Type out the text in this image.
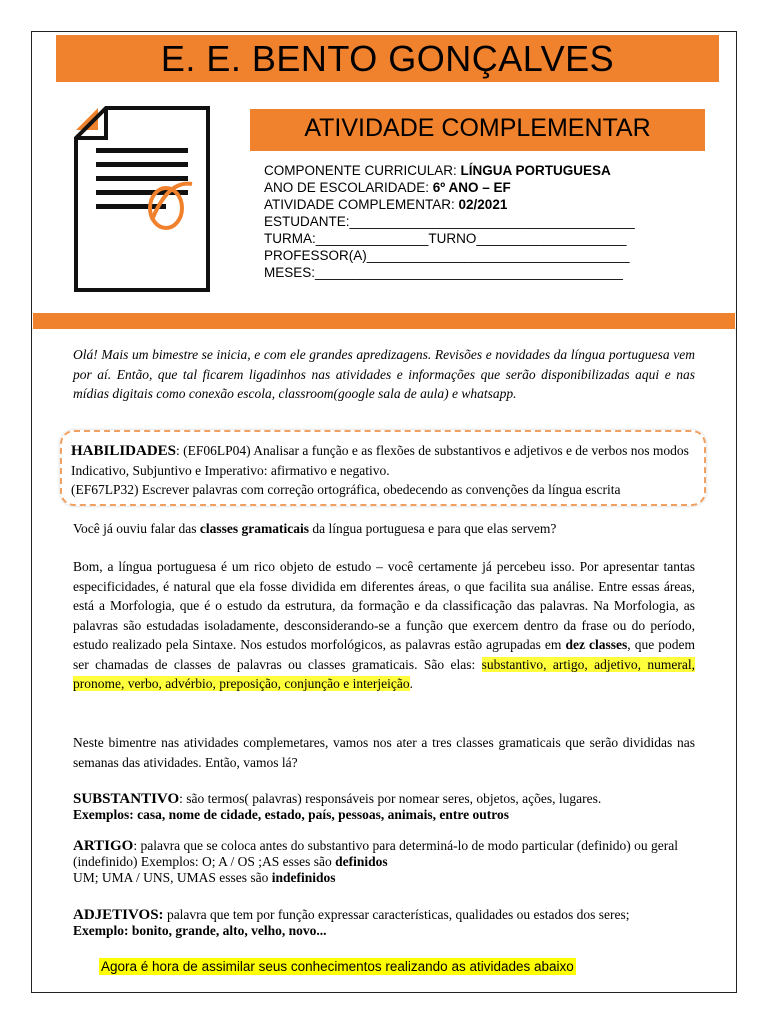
E. E. BENTO GONÇALVES
ATIVIDADE COMPLEMENTAR
COMPONENTE CURRICULAR: LÍNGUA PORTUGUESA
ANO DE ESCOLARIDADE: 6º ANO – EF
ATIVIDADE COMPLEMENTAR: 02/2021
ESTUDANTE:______________________________________
TURMA:_______________TURNO____________________
PROFESSOR(A)___________________________________
MESES:_________________________________________
Olá! Mais um bimestre se inicia, e com ele grandes apredizagens. Revisões e novidades da língua portuguesa vem por aí. Então, que tal ficarem ligadinhos nas atividades e informações que serão disponibilizadas aqui e nas mídias digitais como conexão escola, classroom(google sala de aula) e whatsapp.
HABILIDADES: (EF06LP04) Analisar a função e as flexões de substantivos e adjetivos e de verbos nos modos Indicativo, Subjuntivo e Imperativo: afirmativo e negativo.
(EF67LP32) Escrever palavras com correção ortográfica, obedecendo as convenções da língua escrita
Você já ouviu falar das classes gramaticais da língua portuguesa e para que elas servem?
Bom, a língua portuguesa é um rico objeto de estudo – você certamente já percebeu isso. Por apresentar tantas especificidades, é natural que ela fosse dividida em diferentes áreas, o que facilita sua análise. Entre essas áreas, está a Morfologia, que é o estudo da estrutura, da formação e da classificação das palavras. Na Morfologia, as palavras são estudadas isoladamente, desconsiderando-se a função que exercem dentro da frase ou do período, estudo realizado pela Sintaxe. Nos estudos morfológicos, as palavras estão agrupadas em dez classes, que podem ser chamadas de classes de palavras ou classes gramaticais. São elas: substantivo, artigo, adjetivo, numeral, pronome, verbo, advérbio, preposição, conjunção e interjeição.
Neste bimentre nas atividades complemetares, vamos nos ater a tres classes gramaticais que serão divididas nas semanas das atividades. Então, vamos lá?
SUBSTANTIVO: são termos( palavras) responsáveis por nomear seres, objetos, ações, lugares.
Exemplos: casa, nome de cidade, estado, país, pessoas, animais, entre outros
ARTIGO: palavra que se coloca antes do substantivo para determiná-lo de modo particular (definido) ou geral (indefinido) Exemplos: O; A / OS ;AS esses são definidos
UM; UMA / UNS, UMAS esses são indefinidos
ADJETIVOS: palavra que tem por função expressar características, qualidades ou estados dos seres;
Exemplo: bonito, grande, alto, velho, novo...
Agora é hora de assimilar seus conhecimentos realizando as atividades abaixo
